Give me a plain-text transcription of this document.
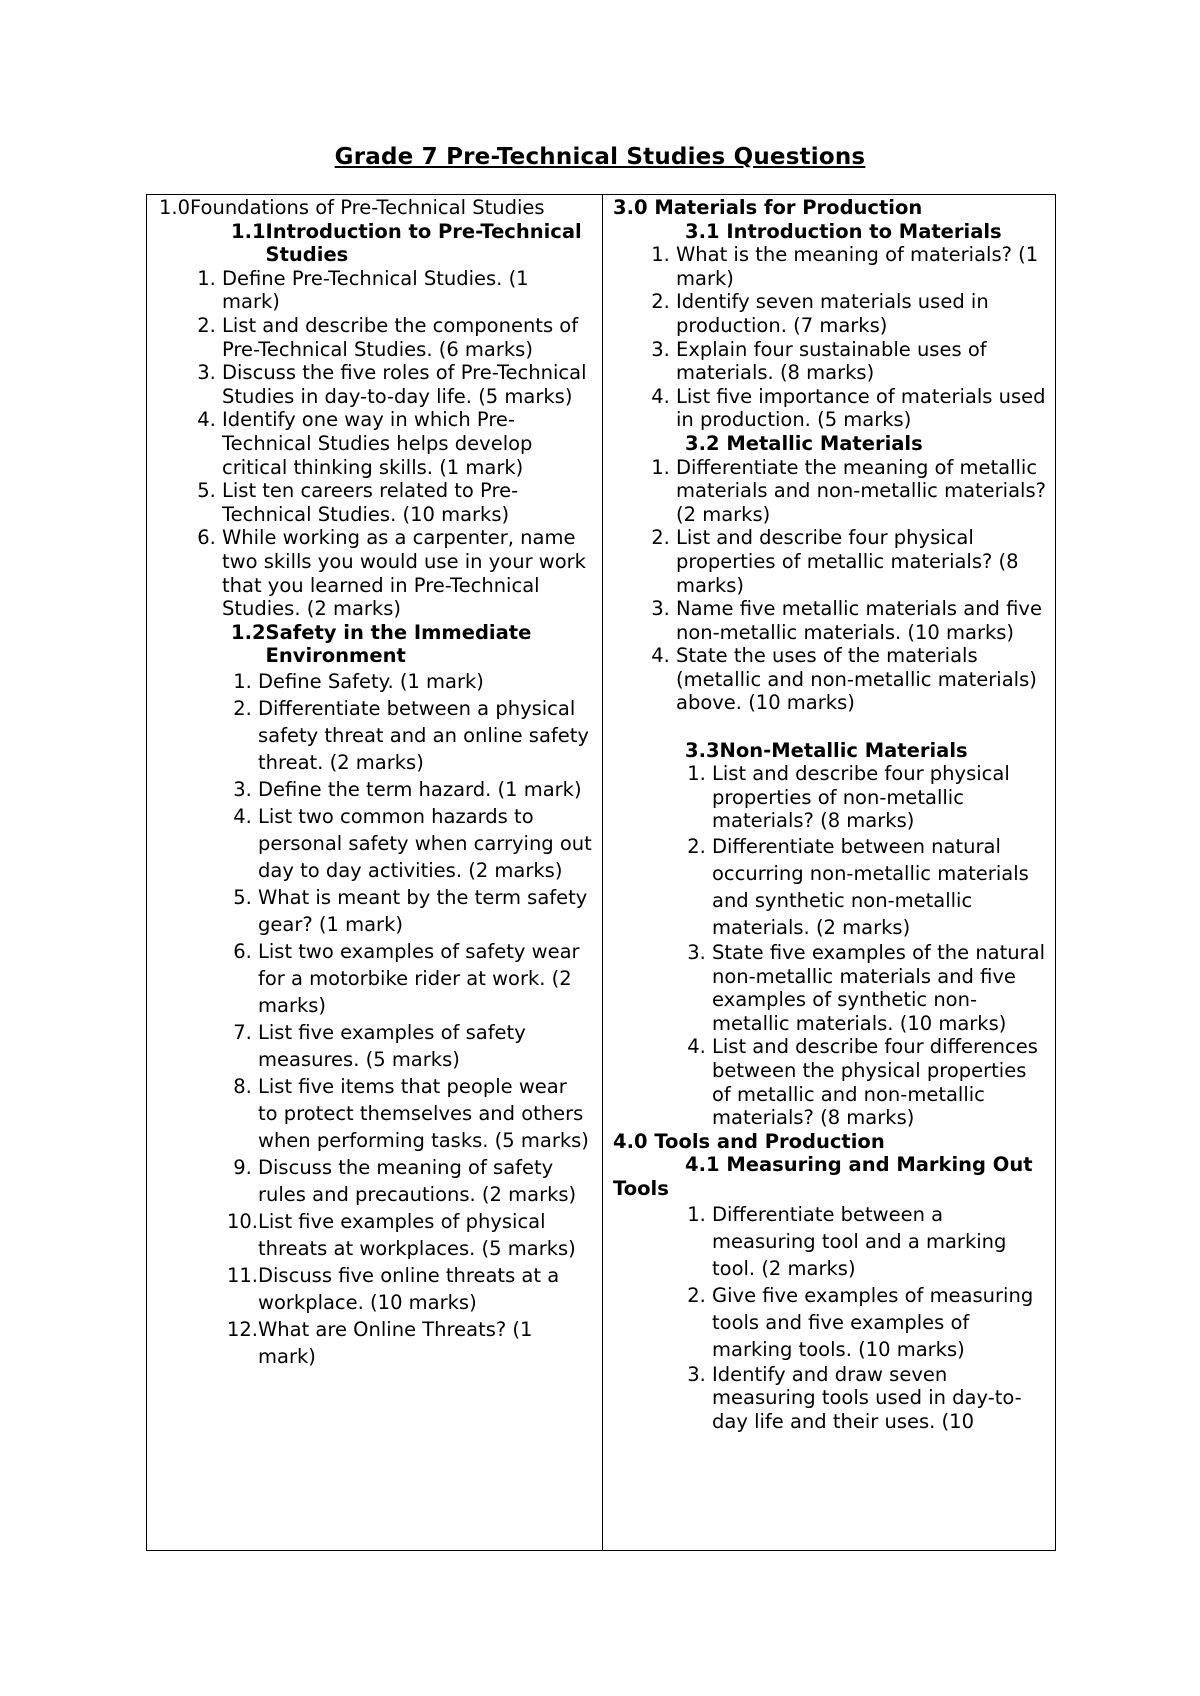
Grade 7 Pre-Technical Studies Questions
1.0 Foundations of Pre-Technical Studies
1.1 Introduction to Pre-Technical Studies
1. Define Pre-Technical Studies. (1 mark)
2. List and describe the components of Pre-Technical Studies. (6 marks)
3. Discuss the five roles of Pre-Technical Studies in day-to-day life. (5 marks)
4. Identify one way in which Pre-Technical Studies helps develop critical thinking skills. (1 mark)
5. List ten careers related to Pre-Technical Studies. (10 marks)
6. While working as a carpenter, name two skills you would use in your work that you learned in Pre-Technical Studies. (2 marks)
1.2 Safety in the Immediate Environment
1. Define Safety. (1 mark)
2. Differentiate between a physical safety threat and an online safety threat. (2 marks)
3. Define the term hazard. (1 mark)
4. List two common hazards to personal safety when carrying out day to day activities. (2 marks)
5. What is meant by the term safety gear? (1 mark)
6. List two examples of safety wear for a motorbike rider at work. (2 marks)
7. List five examples of safety measures. (5 marks)
8. List five items that people wear to protect themselves and others when performing tasks. (5 marks)
9. Discuss the meaning of safety rules and precautions. (2 marks)
10. List five examples of physical threats at workplaces. (5 marks)
11. Discuss five online threats at a workplace. (10 marks)
12. What are Online Threats? (1 mark)
3.0 Materials for Production
3.1 Introduction to Materials
1. What is the meaning of materials? (1 mark)
2. Identify seven materials used in production. (7 marks)
3. Explain four sustainable uses of materials. (8 marks)
4. List five importance of materials used in production. (5 marks)
3.2 Metallic Materials
1. Differentiate the meaning of metallic materials and non-metallic materials? (2 marks)
2. List and describe four physical properties of metallic materials? (8 marks)
3. Name five metallic materials and five non-metallic materials. (10 marks)
4. State the uses of the materials (metallic and non-metallic materials) above. (10 marks)
3.3Non-Metallic Materials
1. List and describe four physical properties of non-metallic materials? (8 marks)
2. Differentiate between natural occurring non-metallic materials and synthetic non-metallic materials. (2 marks)
3. State five examples of the natural non-metallic materials and five examples of synthetic non-metallic materials. (10 marks)
4. List and describe four differences between the physical properties of metallic and non-metallic materials? (8 marks)
4.0 Tools and Production
4.1 Measuring and Marking Out Tools
1. Differentiate between a measuring tool and a marking tool. (2 marks)
2. Give five examples of measuring tools and five examples of marking tools. (10 marks)
3. Identify and draw seven measuring tools used in day-to-day life and their uses. (10
